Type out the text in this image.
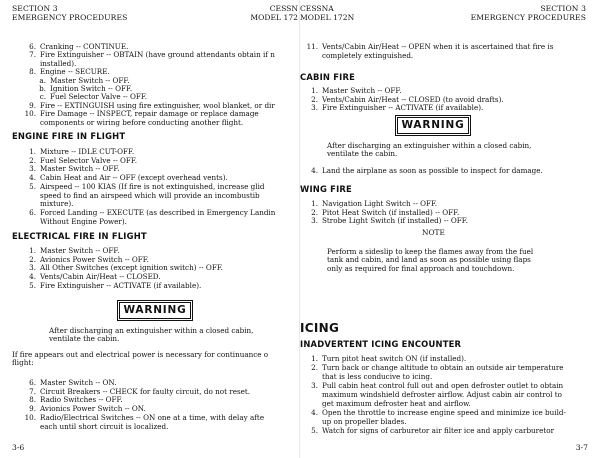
SECTION 3
EMERGENCY PROCEDURES
CESSN
MODEL 172
6. Cranking -- CONTINUE.
7. Fire Extinguisher -- OBTAIN (have ground attendants obtain if n
installed).
8. Engine -- SECURE.
a. Master Switch -- OFF.
b. Ignition Switch -- OFF.
c. Fuel Selector Valve -- OFF.
9. Fire -- EXTINGUISH using fire extinguisher, wool blanket, or dir
10. Fire Damage -- INSPECT, repair damage or replace damage
components or wiring before conducting another flight.
ENGINE FIRE IN FLIGHT
1. Mixture -- IDLE CUT-OFF.
2. Fuel Selector Valve -- OFF.
3. Master Switch -- OFF.
4. Cabin Heat and Air -- OFF (except overhead vents).
5. Airspeed -- 100 KIAS (If fire is not extinguished, increase glid
speed to find an airspeed which will provide an incombustib
mixture).
6. Forced Landing -- EXECUTE (as described in Emergency Landin
Without Engine Power).
ELECTRICAL FIRE IN FLIGHT
1. Master Switch -- OFF.
2. Avionics Power Switch -- OFF.
3. All Other Switches (except ignition switch) -- OFF.
4. Vents/Cabin Air/Heat -- CLOSED.
5. Fire Extinguisher -- ACTIVATE (if available).
WARNING
After discharging an extinguisher within a closed cabin,
ventilate the cabin.
If fire appears out and electrical power is necessary for continuance o
flight:
6. Master Switch -- ON.
7. Circuit Breakers -- CHECK for faulty circuit, do not reset.
8. Radio Switches -- OFF.
9. Avionics Power Switch -- ON.
10. Radio/Electrical Switches -- ON one at a time, with delay afte
each until short circuit is localized.
3-6
CESSNA
MODEL 172N
SECTION 3
EMERGENCY PROCEDURES
11. Vents/Cabin Air/Heat -- OPEN when it is ascertained that fire is
completely extinguished.
CABIN FIRE
1. Master Switch -- OFF.
2. Vents/Cabin Air/Heat -- CLOSED (to avoid drafts).
3. Fire Extinguisher -- ACTIVATE (if available).
WARNING
After discharging an extinguisher within a closed cabin,
ventilate the cabin.
4. Land the airplane as soon as possible to inspect for damage.
WING FIRE
1. Navigation Light Switch -- OFF.
2. Pitot Heat Switch (if installed) -- OFF.
3. Strobe Light Switch (if installed) -- OFF.
NOTE
Perform a sideslip to keep the flames away from the fuel
tank and cabin, and land as soon as possible using flaps
only as required for final approach and touchdown.
ICING
INADVERTENT ICING ENCOUNTER
1. Turn pitot heat switch ON (if installed).
2. Turn back or change altitude to obtain an outside air temperature
that is less conducive to icing.
3. Pull cabin heat control full out and open defroster outlet to obtain
maximum windshield defroster airflow. Adjust cabin air control to
get maximum defroster heat and airflow.
4. Open the throttle to increase engine speed and minimize ice build-
up on propeller blades.
5. Watch for signs of carburetor air filter ice and apply carburetor
3-7
